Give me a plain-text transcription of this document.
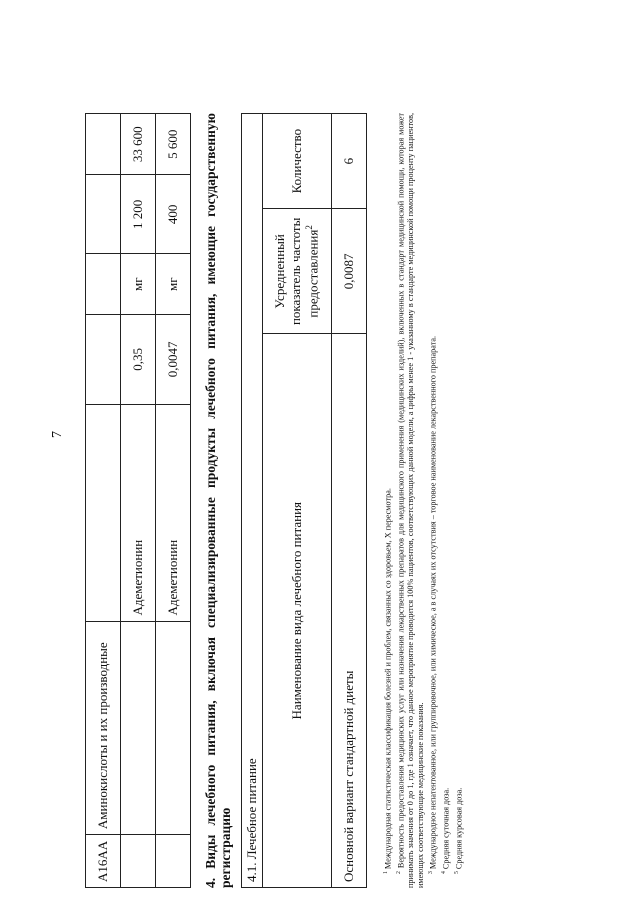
7
A16AA	Аминокислоты и их производные					
		Адеметионин	0,35	мг	1 200	33 600
		Адеметионин	0,0047	мг	400	5 600 4. Виды лечебного питания, включая специализированные продукты лечебного питания, имеющие государственную регистрацию 4.1. Лечебное питание		
Наименование вида лечебного питания	Усредненный показатель частоты предоставления$^2$	Количество
Основной вариант стандартной диеты	0,0087	6

$^1$ Международная статистическая классификация болезней и проблем, связанных со здоровьем, X пересмотра.

$^2$ Вероятность предоставления медицинских услуг или назначения лекарственных препаратов для медицинского применения (медицинских изделий), включенных в стандарт медицинской помощи, которая может принимать значения от 0 до 1, где 1 означает, что данное мероприятие проводится 100% пациентов, соответствующих данной модели, а цифры менее 1 - указанному в стандарте медицинской помощи проценту пациентов, имеющих соответствующие медицинские показания. $^3$ Международное непатентованное, или группировочное, или химическое, а в случаях их отсутствия – торговое наименование лекарственного препарата.

$^4$ Средняя суточная доза.

$^5$ Средняя курсовая доза.
